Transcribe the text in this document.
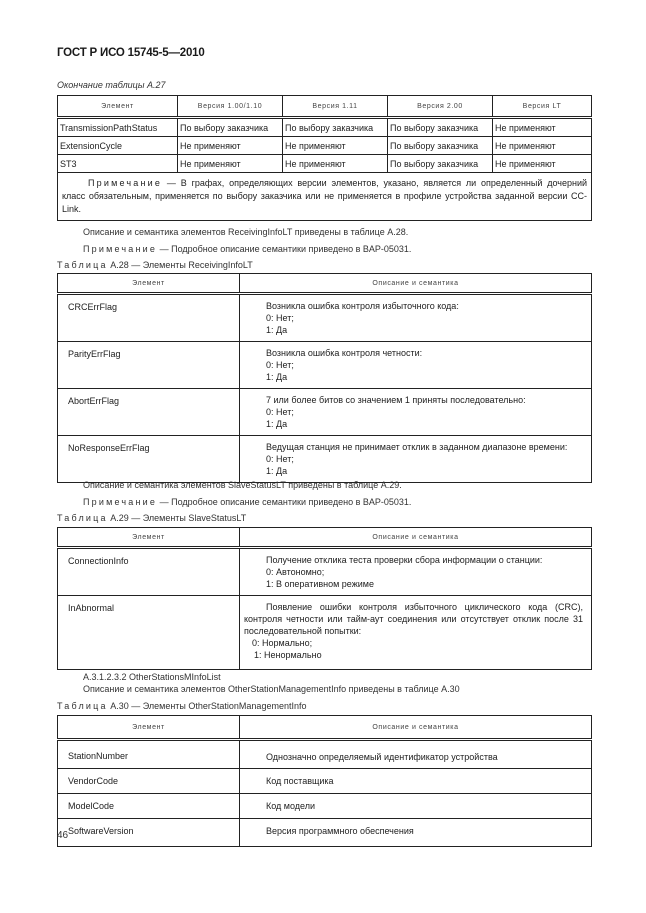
ГОСТ Р ИСО 15745-5—2010
Окончание таблицы А.27
Элемент	Версия 1.00/1.10	Версия 1.11	Версия 2.00	Версия LT
TransmissionPathStatus	По выбору заказчика	По выбору заказчика	По выбору заказчика	Не применяют
ExtensionCycle	Не применяют	Не применяют	По выбору заказчика	Не применяют
ST3	Не применяют	Не применяют	По выбору заказчика	Не применяют
Примечание — В графах, определяющих версии элементов, указано, является ли определенный дочерний класс обязательным, применяется по выбору заказчика или не применяется в профиле устройства заданной версии CC-Link.				
Описание и семантика элементов ReceivingInfoLT приведены в таблице А.28.
Примечание — Подробное описание семантики приведено в BAP-05031.
Таблица А.28 — Элементы ReceivingInfoLT
Элемент	Описание и семантика
CRCErrFlag	Возникла ошибка контроля избыточного кода:
0: Нет;
1: Да

ParityErrFlag	Возникла ошибка контроля четности:
0: Нет;
1: Да

AbortErrFlag	7 или более битов со значением 1 приняты последовательно:
0: Нет;
1: Да

NoResponseErrFlag	Ведущая станция не принимает отклик в заданном диапазоне времени:
0: Нет;
1: Да
Описание и семантика элементов SlaveStatusLT приведены в таблице А.29.
Примечание — Подробное описание семантики приведено в BAP-05031.
Таблица А.29 — Элементы SlaveStatusLT
Элемент	Описание и семантика
ConnectionInfo	Получение отклика теста проверки сбора информации о станции:
0: Автономно;
1: В оперативном режиме

InAbnormal	Появление ошибки контроля избыточного циклического кода (CRC), контроля четности или тайм-аут соединения или отсутствует отклик после 31 последовательной попытки:
0: Нормально;
1: Ненормально
А.3.1.2.3.2 OtherStationsMInfoList
Описание и семантика элементов OtherStationManagementInfo приведены в таблице А.30
Таблица А.30 — Элементы OtherStationManagementInfo
Элемент	Описание и семантика
StationNumber	Однозначно определяемый идентификатор устройства
VendorCode	Код поставщика
ModelCode	Код модели
SoftwareVersion	Версия программного обеспечения
46
